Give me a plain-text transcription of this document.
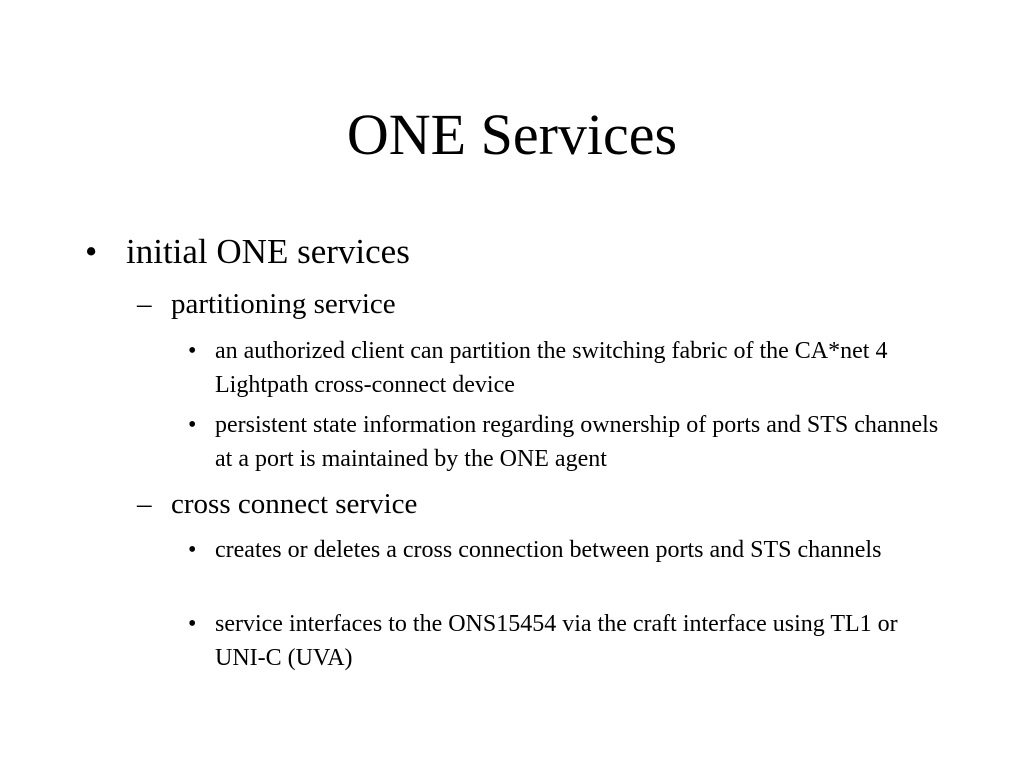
ONE Services
• initial ONE services
– partitioning service
• an authorized client can partition the switching fabric of the CA*net 4 Lightpath cross-connect device
• persistent state information regarding ownership of ports and STS channels at a port is maintained by the ONE agent
– cross connect service
• creates or deletes a cross connection between ports and STS channels
• service interfaces to the ONS15454 via the craft interface using TL1 or UNI-C (UVA)
